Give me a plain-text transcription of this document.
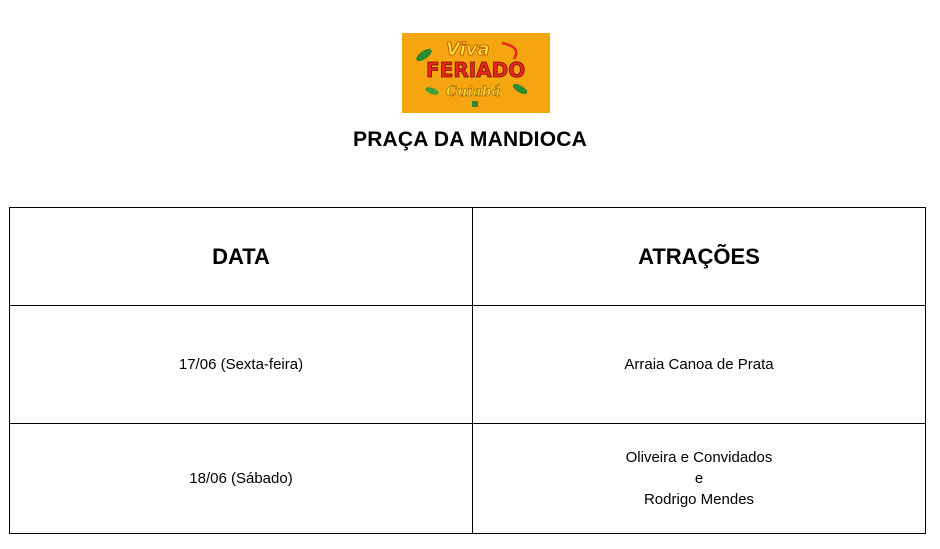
Viva
FERIADO
Cuiabá
PRAÇA DA MANDIOCA
DATA	ATRAÇÕES
17/06 (Sexta-feira)	Arraia Canoa de Prata

18/06 (Sábado)	Oliveira e Convidados
e
Rodrigo Mendes
